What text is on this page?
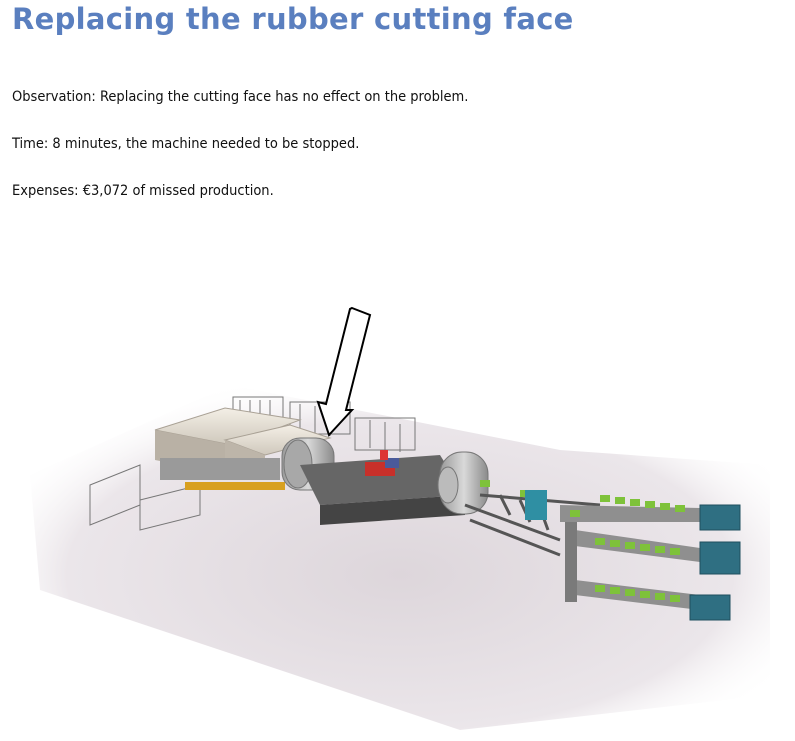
Replacing the rubber cutting face

Observation: Replacing the cutting face has no effect on the problem.

Time: 8 minutes, the machine needed to be stopped.

Expenses: €3,072 of missed production.
